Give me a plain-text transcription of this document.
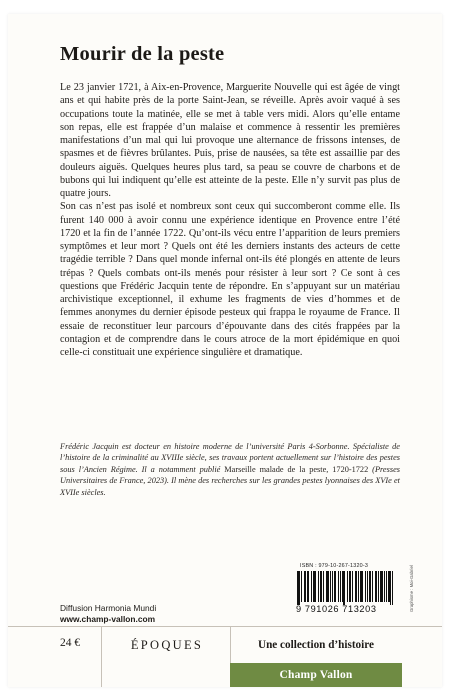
Mourir de la peste

Le 23 janvier 1721, à Aix-en-Provence, Marguerite Nouvelle qui est âgée de vingt ans et qui habite près de la porte Saint-Jean, se réveille. Après avoir vaqué à ses occupations toute la matinée, elle se met à table vers midi. Alors qu’elle entame son repas, elle est frappée d’un malaise et commence à ressentir les premières manifestations d’un mal qui lui provoque une alternance de frissons intenses, de spasmes et de fièvres brûlantes. Puis, prise de nausées, sa tête est assaillie par des douleurs aiguës. Quelques heures plus tard, sa peau se couvre de charbons et de bubons qui lui indiquent qu’elle est atteinte de la peste. Elle n’y survit pas plus de quatre jours.

Son cas n’est pas isolé et nombreux sont ceux qui succomberont comme elle. Ils furent 140 000 à avoir connu une expérience identique en Provence entre l’été 1720 et la fin de l’année 1722. Qu’ont-ils vécu entre l’apparition de leurs premiers symptômes et leur mort ? Quels ont été les derniers instants des acteurs de cette tragédie terrible ? Dans quel monde infernal ont-ils été plongés en attente de leurs trépas ? Quels combats ont-ils menés pour résister à leur sort ? Ce sont à ces questions que Frédéric Jacquin tente de répondre. En s’appuyant sur un matériau archivistique exceptionnel, il exhume les fragments de vies d’hommes et de femmes anonymes du dernier épisode pesteux qui frappa le royaume de France. Il essaie de reconstituer leur parcours d’épouvante dans des cités frappées par la contagion et de comprendre dans le cours atroce de la mort épidémique en quoi celle-ci constituait une expérience singulière et dramatique.

Frédéric Jacquin est docteur en histoire moderne de l’université Paris 4-Sorbonne. Spécialiste de l’histoire de la criminalité au XVIIIe siècle, ses travaux portent actuellement sur l’histoire des pestes sous l’Ancien Régime. Il a notamment publié Marseille malade de la peste, 1720-1722 (Presses Universitaires de France, 2023). Il mène des recherches sur les grandes pestes lyonnaises des XVIe et XVIIe siècles.

ISBN : 979-10-267-1320-3
9 791026 713203	Graphisme : Moi-Gabriel
Diffusion Harmonia Mundi
www.champ-vallon.com
24 €	ÉPOQUES	Une collection d’histoire
Champ Vallon
